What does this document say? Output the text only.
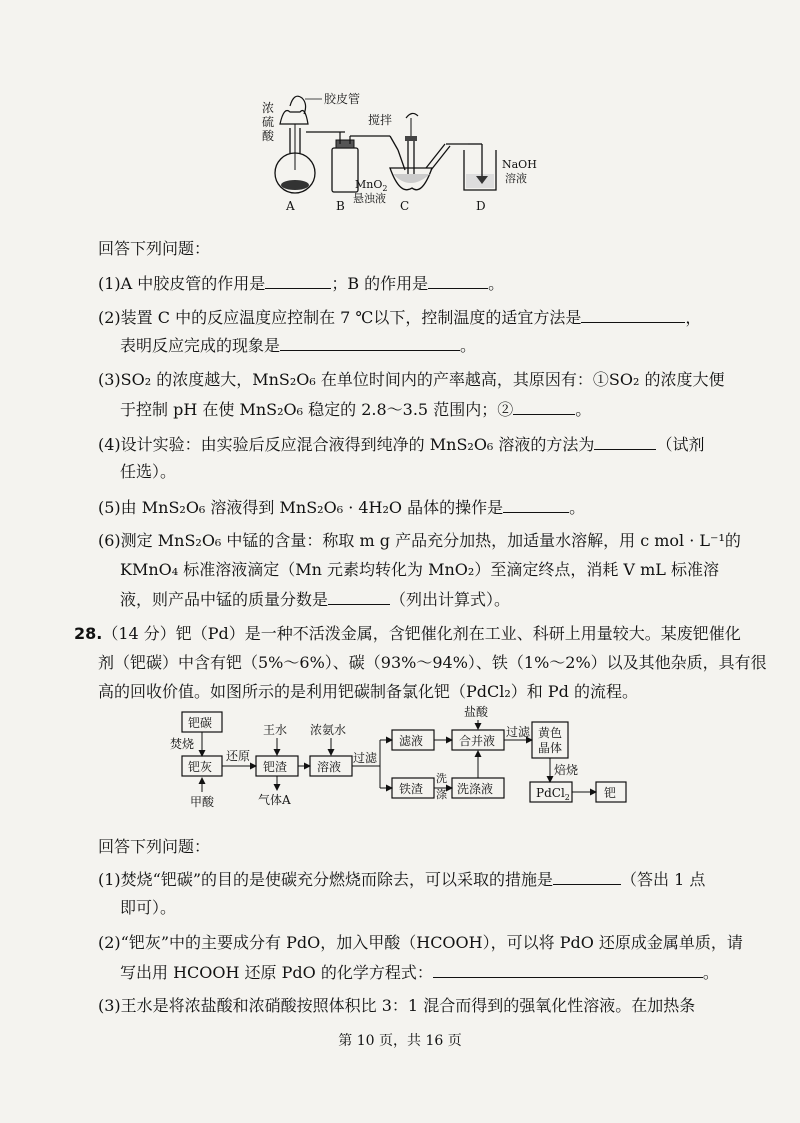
浓
硫
酸
胶皮管
搅拌
MnO$_2$
悬浊液
NaOH
溶液
A	B	C	D
回答下列问题：
(1)A 中胶皮管的作用是	；B 的作用是	。
(2)装置 C 中的反应温度应控制在 7 ℃以下，控制温度的适宜方法是	，
表明反应完成的现象是	。
(3)SO₂ 的浓度越大，MnS₂O₆ 在单位时间内的产率越高，其原因有：①SO₂ 的浓度大便
于控制 pH 在使 MnS₂O₆ 稳定的 2.8～3.5 范围内；②	。
(4)设计实验：由实验后反应混合液得到纯净的 MnS₂O₆ 溶液的方法为	（试剂
任选）。
(5)由 MnS₂O₆ 溶液得到 MnS₂O₆ · 4H₂O 晶体的操作是	。
(6)测定 MnS₂O₆ 中锰的含量：称取 m g 产品充分加热，加适量水溶解，用 c mol · L⁻¹的
KMnO₄ 标准溶液滴定（Mn 元素均转化为 MnO₂）至滴定终点，消耗 V mL 标准溶
液，则产品中锰的质量分数是	（列出计算式）。
28.（14 分）钯（Pd）是一种不活泼金属，含钯催化剂在工业、科研上用量较大。某废钯催化
剂（钯碳）中含有钯（5%～6%）、碳（93%～94%）、铁（1%～2%）以及其他杂质，具有很
高的回收价值。如图所示的是利用钯碳制备氯化钯（PdCl₂）和 Pd 的流程。
钯碳
焚烧
钯灰
甲酸
还原
钯渣
王水
气体A
溶液
浓氨水
过滤
滤液
铁渣
合并液
盐酸
洗
涤 洗涤液
过滤 黄色
晶体
焙烧
PdCl$_2$	钯
回答下列问题：
(1)焚烧“钯碳”的目的是使碳充分燃烧而除去，可以采取的措施是	（答出 1 点
即可）。
(2)“钯灰”中的主要成分有 PdO，加入甲酸（HCOOH），可以将 PdO 还原成金属单质，请
写出用 HCOOH 还原 PdO 的化学方程式：	。
(3)王水是将浓盐酸和浓硝酸按照体积比 3：1 混合而得到的强氧化性溶液。在加热条
第 10 页，共 16 页
